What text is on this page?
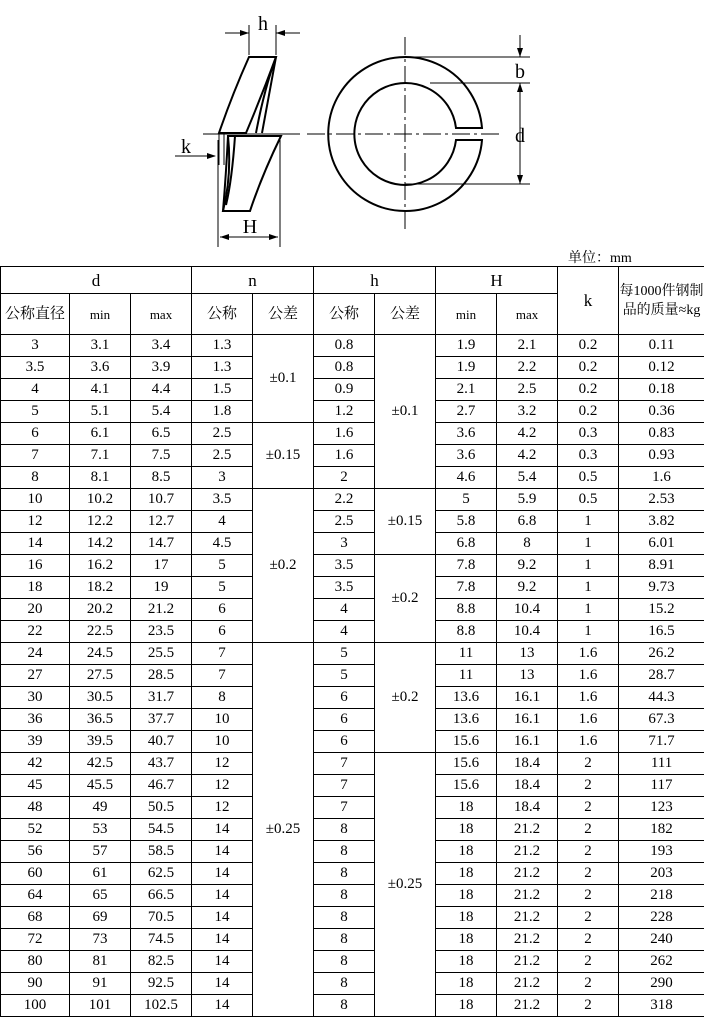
h
b
d
k
H
单位：mm
d			n		h		H		k	每1000件钢制品的质量≈kg
公称直径	min	max	公称	公差	公称	公差	min	max		
3	3.1	3.4	1.3	±0.1	0.8	±0.1	1.9	2.1	0.2	0.11
3.5	3.6	3.9	1.3		0.8		1.9	2.2	0.2	0.12
4	4.1	4.4	1.5		0.9		2.1	2.5	0.2	0.18
5	5.1	5.4	1.8		1.2		2.7	3.2	0.2	0.36
6	6.1	6.5	2.5	±0.15	1.6		3.6	4.2	0.3	0.83
7	7.1	7.5	2.5		1.6		3.6	4.2	0.3	0.93
8	8.1	8.5	3		2		4.6	5.4	0.5	1.6
10	10.2	10.7	3.5	±0.2	2.2	±0.15	5	5.9	0.5	2.53
12	12.2	12.7	4		2.5		5.8	6.8	1	3.82
14	14.2	14.7	4.5		3		6.8	8	1	6.01
16	16.2	17	5		3.5	±0.2	7.8	9.2	1	8.91
18	18.2	19	5		3.5		7.8	9.2	1	9.73
20	20.2	21.2	6		4		8.8	10.4	1	15.2
22	22.5	23.5	6		4		8.8	10.4	1	16.5
24	24.5	25.5	7	±0.25	5	±0.2	11	13	1.6	26.2
27	27.5	28.5	7		5		11	13	1.6	28.7
30	30.5	31.7	8		6		13.6	16.1	1.6	44.3
36	36.5	37.7	10		6		13.6	16.1	1.6	67.3
39	39.5	40.7	10		6		15.6	16.1	1.6	71.7
42	42.5	43.7	12		7	±0.25	15.6	18.4	2	111
45	45.5	46.7	12		7		15.6	18.4	2	117
48	49	50.5	12		7		18	18.4	2	123
52	53	54.5	14		8		18	21.2	2	182
56	57	58.5	14		8		18	21.2	2	193
60	61	62.5	14		8		18	21.2	2	203
64	65	66.5	14		8		18	21.2	2	218
68	69	70.5	14		8		18	21.2	2	228
72	73	74.5	14		8		18	21.2	2	240
80	81	82.5	14		8		18	21.2	2	262
90	91	92.5	14		8		18	21.2	2	290
100	101	102.5	14		8		18	21.2	2	318
